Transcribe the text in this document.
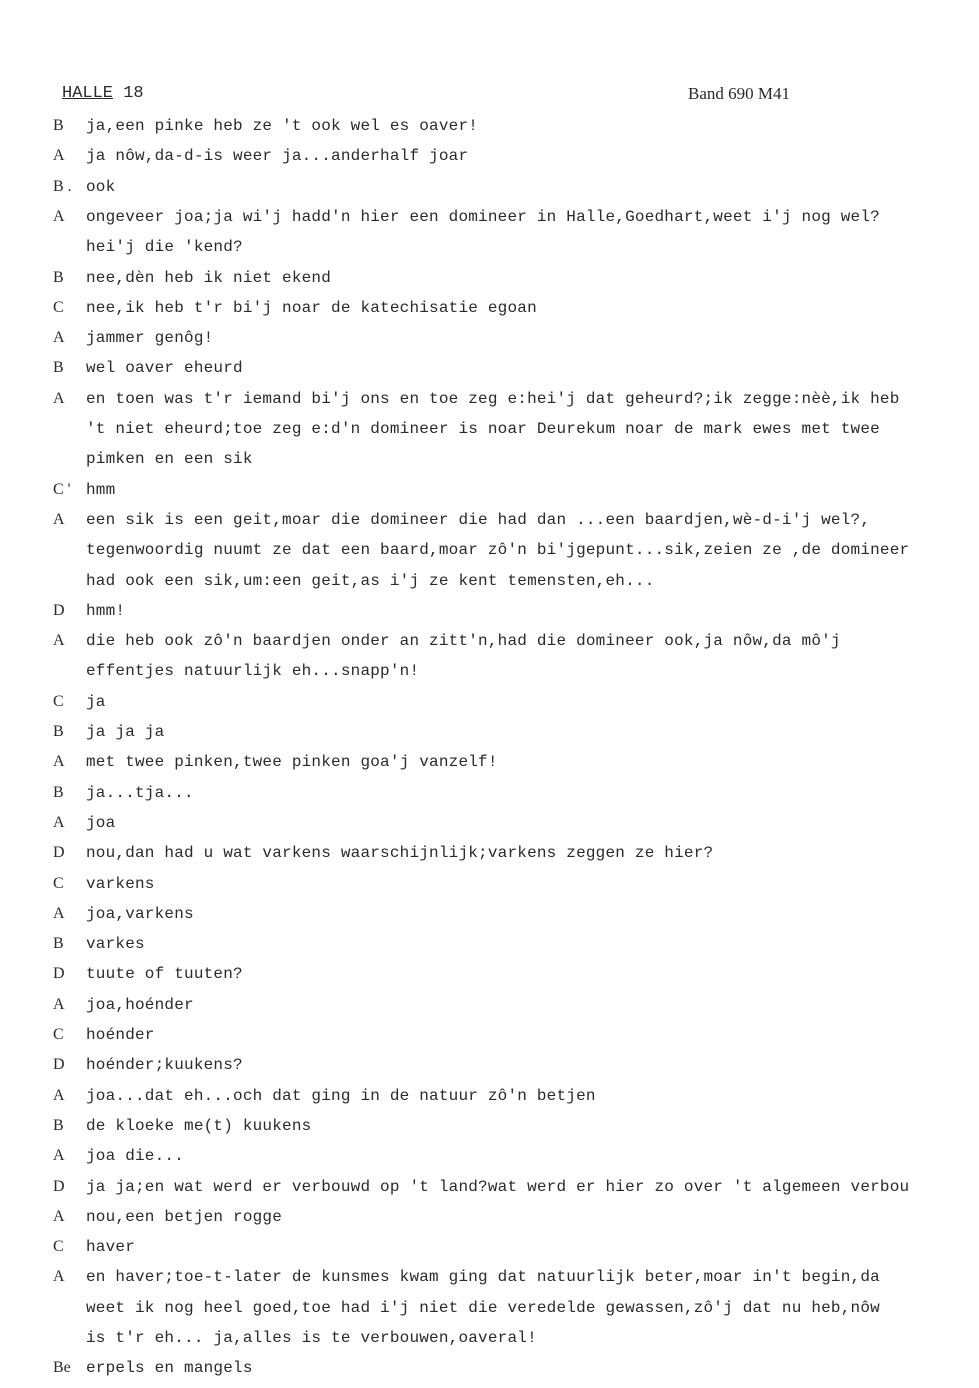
HALLE 18	Band 690 M41
B	ja,een pinke heb ze 't ook wel es oaver!
A	ja nôw,da-d-is weer ja...anderhalf joar
B . ook
A	ongeveer joa;ja wi'j hadd'n hier een domineer in Halle,Goedhart,weet i'j nog wel?
hei'j die 'kend?
B	nee,dèn heb ik niet ekend
C	nee,ik heb t'r bi'j noar de katechisatie egoan
A	jammer genôg!
B	wel oaver eheurd
A	en toen was t'r iemand bi'j ons en toe zeg e:hei'j dat geheurd?;ik zegge:nèè,ik heb
't niet eheurd;toe zeg e:d'n domineer is noar Deurekum noar de mark ewes met twee
pimken en een sik
C ' hmm
A	een sik is een geit,moar die domineer die had dan ...een baardjen,wè-d-i'j wel?,
tegenwoordig nuumt ze dat een baard,moar zô'n bi'jgepunt...sik,zeien ze ,de domineer
had ook een sik,um:een geit,as i'j ze kent temensten,eh...
D	hmm!
A	die heb ook zô'n baardjen onder an zitt'n,had die domineer ook,ja nôw,da mô'j
effentjes natuurlijk eh...snapp'n!
C	ja
B	ja ja ja
A	met twee pinken,twee pinken goa'j vanzelf!
B	ja...tja...
A	joa
D	nou,dan had u wat varkens waarschijnlijk;varkens zeggen ze hier?
C	varkens
A	joa,varkens
B	varkes
D	tuute of tuuten?
A	joa,hoénder
C	hoénder
D	hoénder;kuukens?
A	joa...dat eh...och dat ging in de natuur zô'n betjen
B	de kloeke me(t) kuukens
A	joa die...
D	ja ja;en wat werd er verbouwd op 't land?wat werd er hier zo over 't algemeen verbou
A	nou,een betjen rogge
C	haver
A	en haver;toe-t-later de kunsmes kwam ging dat natuurlijk beter,moar in't begin,da
weet ik nog heel goed,toe had i'j niet die veredelde gewassen,zô'j dat nu heb,nôw
is t'r eh... ja,alles is te verbouwen,oaveral!
Be erpels en mangels
